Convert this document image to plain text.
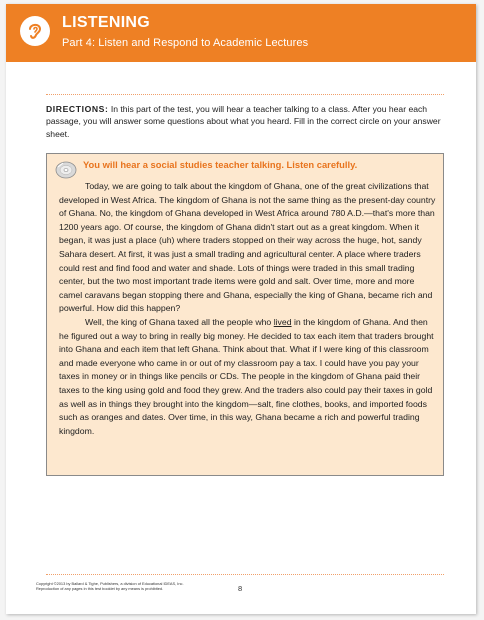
LISTENING
Part 4: Listen and Respond to Academic Lectures
DIRECTIONS: In this part of the test, you will hear a teacher talking to a class. After you hear each passage, you will answer some questions about what you heard. Fill in the correct circle on your answer sheet.
You will hear a social studies teacher talking. Listen carefully.

Today, we are going to talk about the kingdom of Ghana, one of the great civilizations that developed in West Africa. The kingdom of Ghana is not the same thing as the present-day country of Ghana. No, the kingdom of Ghana developed in West Africa around 780 A.D.—that's more than 1200 years ago. Of course, the kingdom of Ghana didn't start out as a great kingdom. When it began, it was just a place (uh) where traders stopped on their way across the huge, hot, sandy Sahara desert. At first, it was just a small trading and agricultural center. A place where traders could rest and find food and water and shade. Lots of things were traded in this small trading center, but the two most important trade items were gold and salt. Over time, more and more camel caravans began stopping there and Ghana, especially the king of Ghana, became rich and powerful. How did this happen?

Well, the king of Ghana taxed all the people who lived in the kingdom of Ghana. And then he figured out a way to bring in really big money. He decided to tax each item that traders brought into Ghana and each item that left Ghana. Think about that. What if I were king of this classroom and made everyone who came in or out of my classroom pay a tax. I could have you pay your taxes in money or in things like pencils or CDs. The people in the kingdom of Ghana paid their taxes to the king using gold and food they grew. And the traders also could pay their taxes in gold as well as in things they brought into the kingdom—salt, fine clothes, books, and imported foods such as oranges and dates. Over time, in this way, Ghana became a rich and powerful trading kingdom.

Copyright ©2013 by Ballard & Tighe, Publishers, a division of Educational IDEAS, Inc.
Reproduction of any pages in this test booklet by any means is prohibited.	8
